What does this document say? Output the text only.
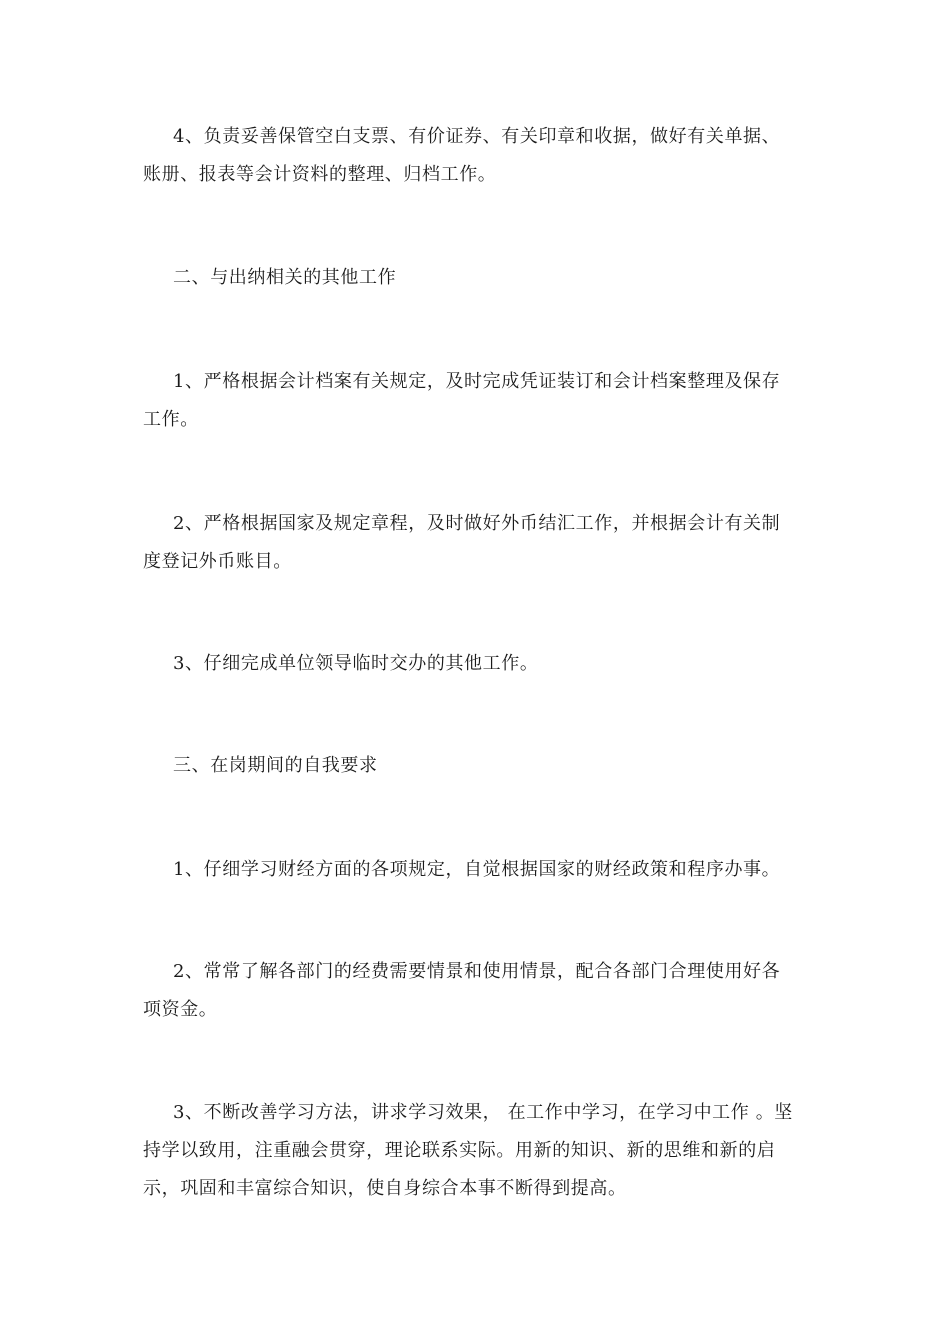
4、负责妥善保管空白支票、有价证券、有关印章和收据，做好有关单据、账册、报表等会计资料的整理、归档工作。

二、与出纳相关的其他工作

1、严格根据会计档案有关规定，及时完成凭证装订和会计档案整理及保存工作。

2、严格根据国家及规定章程，及时做好外币结汇工作，并根据会计有关制度登记外币账目。

3、仔细完成单位领导临时交办的其他工作。

三、在岗期间的自我要求

1、仔细学习财经方面的各项规定，自觉根据国家的财经政策和程序办事。

2、常常了解各部门的经费需要情景和使用情景，配合各部门合理使用好各项资金。

3、不断改善学习方法，讲求学习效果， 在工作中学习，在学习中工作 。坚持学以致用，注重融会贯穿，理论联系实际。用新的知识、新的思维和新的启示，巩固和丰富综合知识，使自身综合本事不断得到提高。
